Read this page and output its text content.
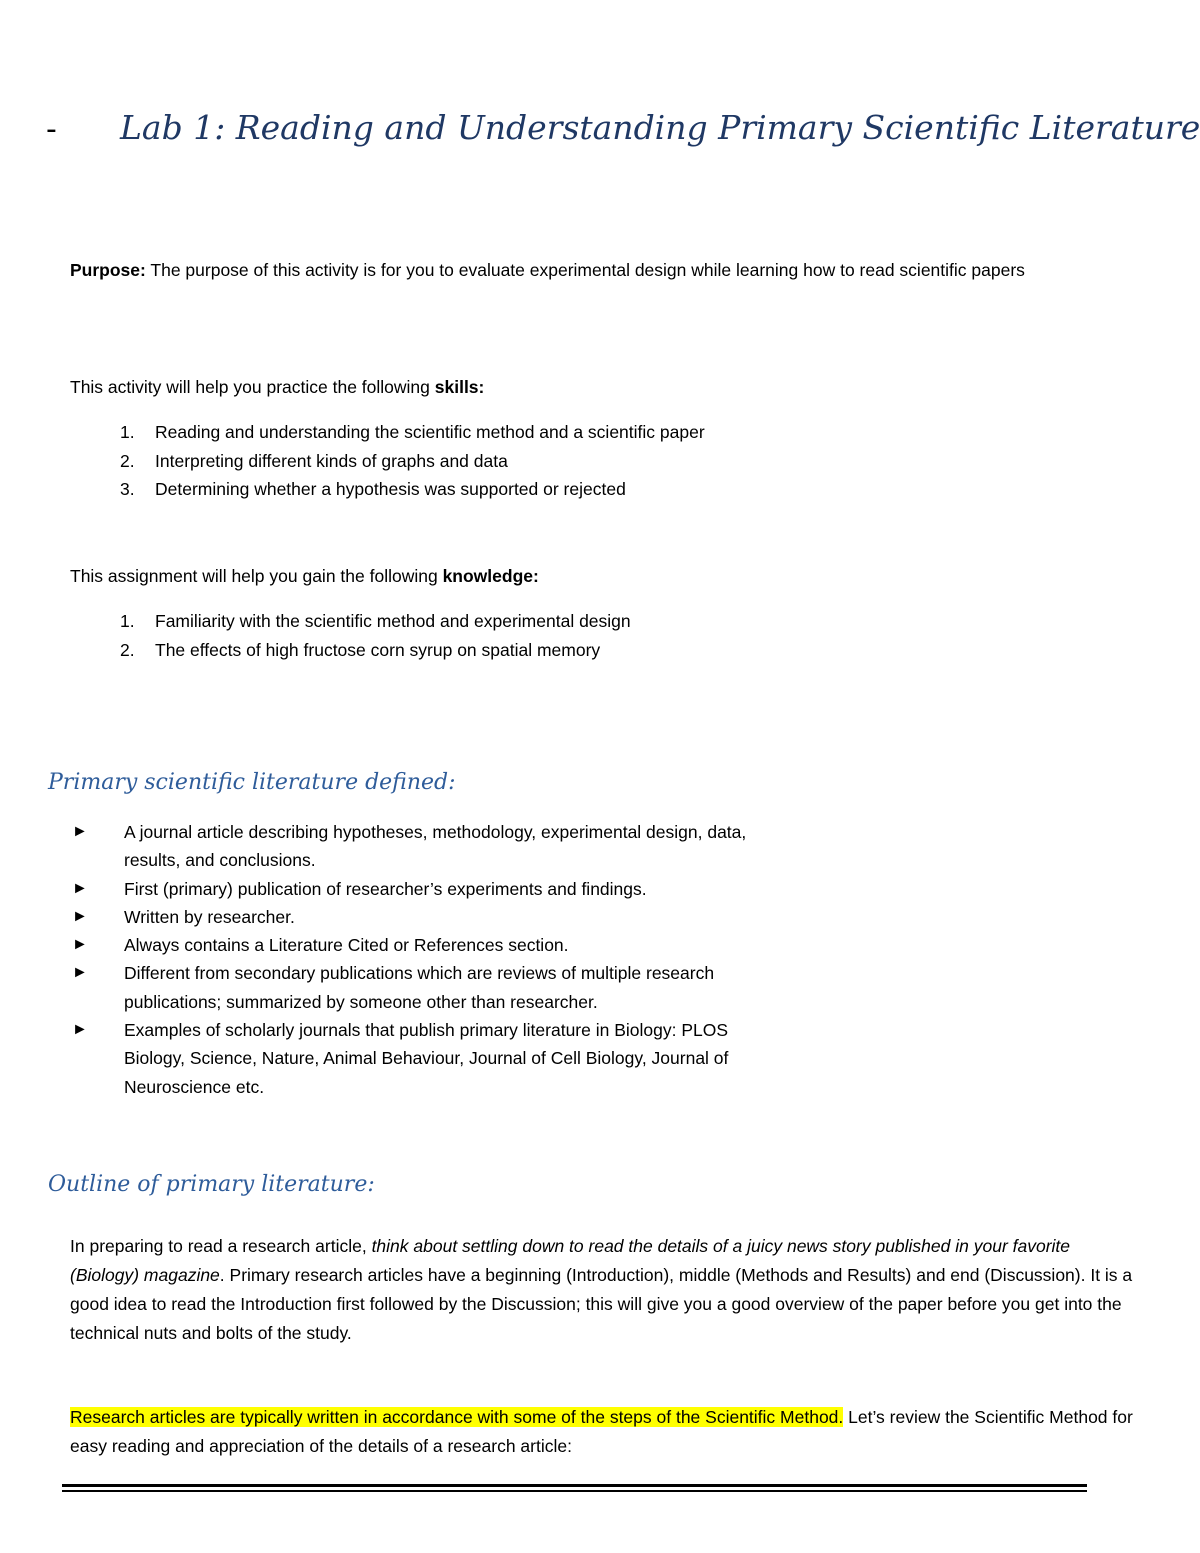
- Lab 1: Reading and Understanding Primary Scientific Literature
Purpose: The purpose of this activity is for you to evaluate experimental design while learning how to read scientific papers
This activity will help you practice the following skills:
1. Reading and understanding the scientific method and a scientific paper
2. Interpreting different kinds of graphs and data
3. Determining whether a hypothesis was supported or rejected
This assignment will help you gain the following knowledge:
1. Familiarity with the scientific method and experimental design
2. The effects of high fructose corn syrup on spatial memory
Primary scientific literature defined:
► A journal article describing hypotheses, methodology, experimental design, data, results, and conclusions.
► First (primary) publication of researcher’s experiments and findings.
► Written by researcher.
► Always contains a Literature Cited or References section.
► Different from secondary publications which are reviews of multiple research publications; summarized by someone other than researcher.
► Examples of scholarly journals that publish primary literature in Biology: PLOS Biology, Science, Nature, Animal Behaviour, Journal of Cell Biology, Journal of Neuroscience etc.
Outline of primary literature:
In preparing to read a research article, think about settling down to read the details of a juicy news story published in your favorite (Biology) magazine. Primary research articles have a beginning (Introduction), middle (Methods and Results) and end (Discussion). It is a good idea to read the Introduction first followed by the Discussion; this will give you a good overview of the paper before you get into the technical nuts and bolts of the study.
Research articles are typically written in accordance with some of the steps of the Scientific Method. Let’s review the Scientific Method for easy reading and appreciation of the details of a research article:
